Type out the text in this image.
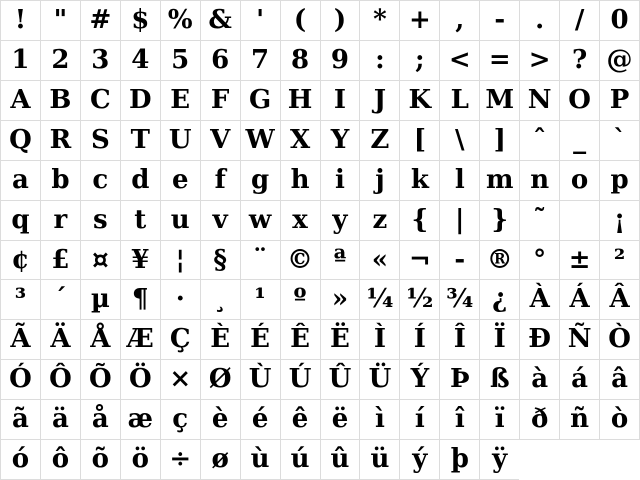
!	" # $ % & '	(	)	* + ,	-	.	/	0
1 2 3 4 5 6 7 8 9	:	; < = > ? @
A B C D E F G H I	J K L M N O P
Q R S T U V W X Y Z [	\	]	ˆ	_	`
a b c d e	f g h i	j	k l m n o p
q r s	t u v w x y z {	|	} ˜	¡
¢ £ ¤ ¥	¦	§	¨ © ª « ¬ - ® ° ± ²
³	´ µ ¶	·	¸	¹	º » ¼ ½ ¾ ¿ À Á Â
Ã Ä Å Æ Ç È É Ê Ë Ì	Í	Î	Ï Ð Ñ Ò
Ó Ô Õ Ö × Ø Ù Ú Û Ü Ý Þ ß à á â
ã ä å æ ç è é ê ë	ì	í	î	ï	ð ñ ò
ó ô õ ö ÷ ø ù ú û ü ý þ ÿ
